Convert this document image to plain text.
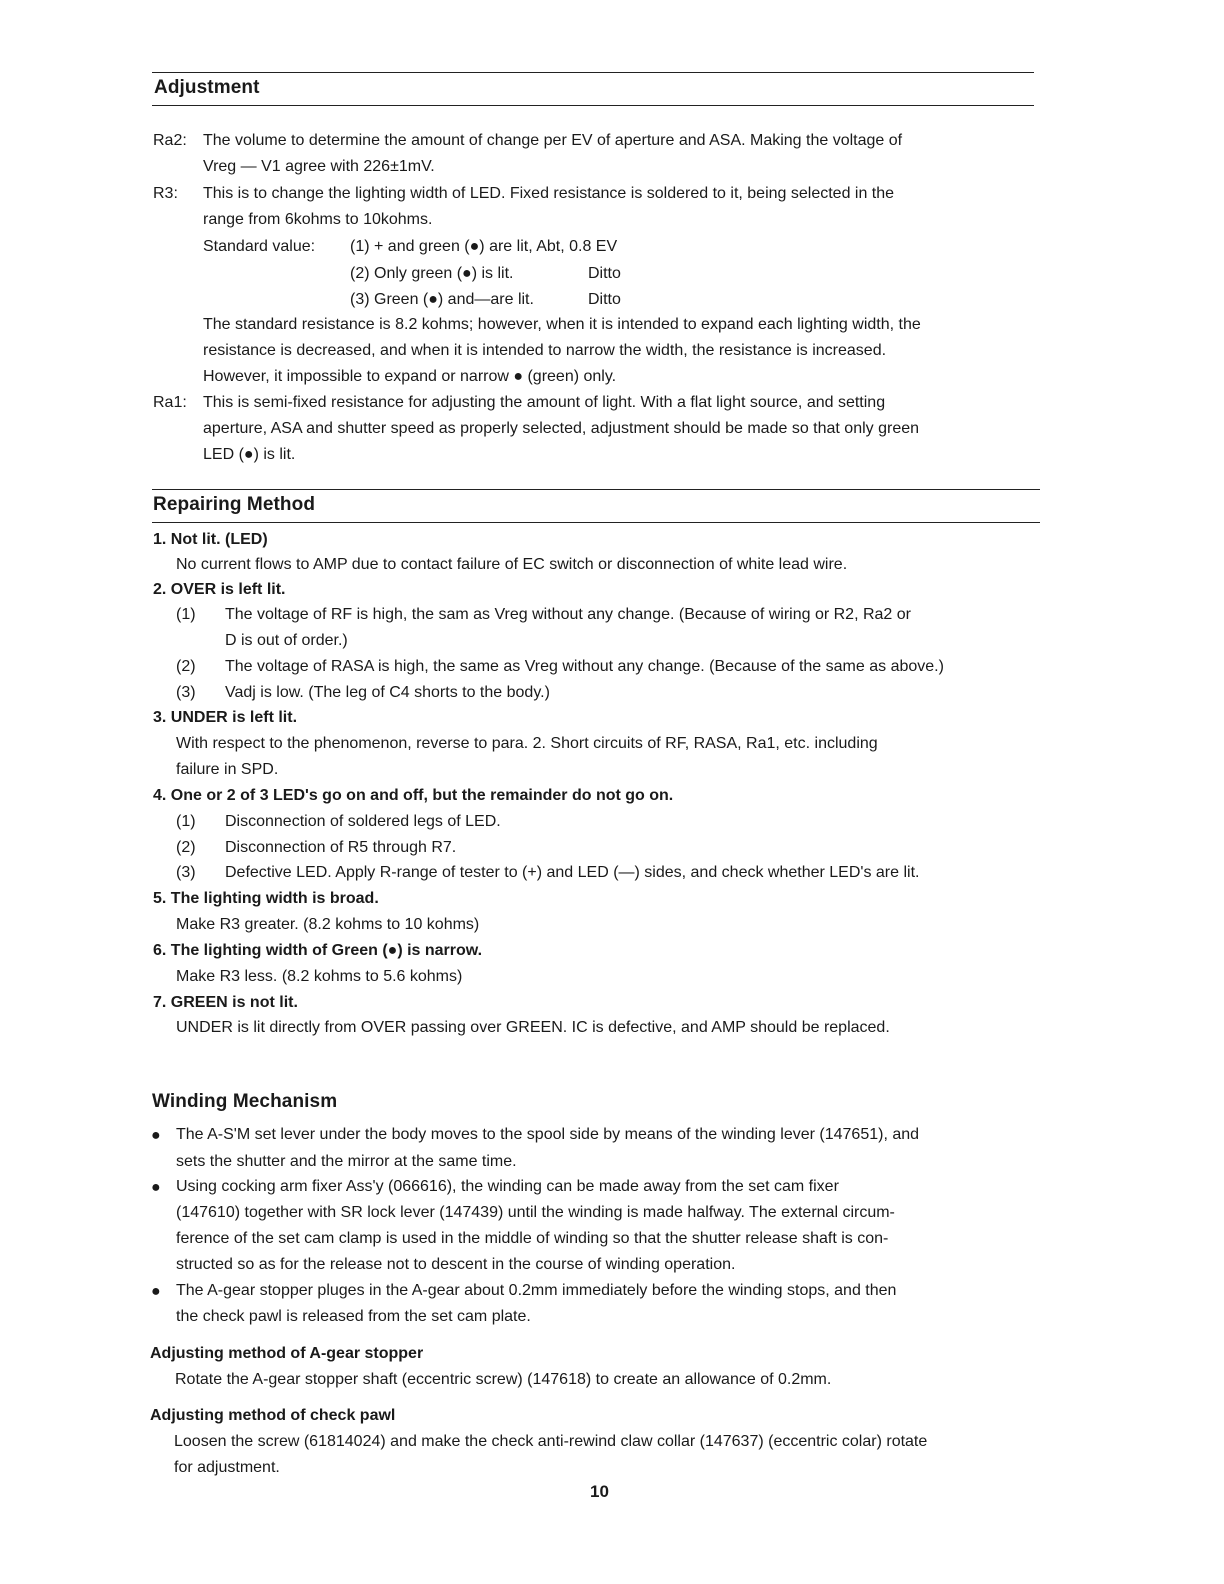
Adjustment
Ra2: The volume to determine the amount of change per EV of aperture and ASA. Making the voltage of
Vreg — V1 agree with 226±1mV.
R3: This is to change the lighting width of LED. Fixed resistance is soldered to it, being selected in the
range from 6kohms to 10kohms.
Standard value: (1) + and green (●) are lit, Abt, 0.8 EV
(2) Only green (●) is lit.	Ditto
(3) Green (●) and—are lit.	Ditto
The standard resistance is 8.2 kohms; however, when it is intended to expand each lighting width, the
resistance is decreased, and when it is intended to narrow the width, the resistance is increased.
However, it impossible to expand or narrow ● (green) only.
Ra1: This is semi-fixed resistance for adjusting the amount of light. With a flat light source, and setting
aperture, ASA and shutter speed as properly selected, adjustment should be made so that only green
LED (●) is lit.
Repairing Method
1. Not lit. (LED)
No current flows to AMP due to contact failure of EC switch or disconnection of white lead wire.
2. OVER is left lit.
(1) The voltage of RF is high, the sam as Vreg without any change. (Because of wiring or R2, Ra2 or
D is out of order.)
(2) The voltage of RASA is high, the same as Vreg without any change. (Because of the same as above.)
(3) Vadj is low. (The leg of C4 shorts to the body.)
3. UNDER is left lit.
With respect to the phenomenon, reverse to para. 2. Short circuits of RF, RASA, Ra1, etc. including
failure in SPD.
4. One or 2 of 3 LED's go on and off, but the remainder do not go on.
(1) Disconnection of soldered legs of LED.
(2) Disconnection of R5 through R7.
(3) Defective LED. Apply R-range of tester to (+) and LED (—) sides, and check whether LED's are lit.
5. The lighting width is broad.
Make R3 greater. (8.2 kohms to 10 kohms)
6. The lighting width of Green (●) is narrow.
Make R3 less. (8.2 kohms to 5.6 kohms)
7. GREEN is not lit.
UNDER is lit directly from OVER passing over GREEN. IC is defective, and AMP should be replaced.
Winding Mechanism
● The A-S'M set lever under the body moves to the spool side by means of the winding lever (147651), and
sets the shutter and the mirror at the same time.
● Using cocking arm fixer Ass'y (066616), the winding can be made away from the set cam fixer
(147610) together with SR lock lever (147439) until the winding is made halfway. The external circum-
ference of the set cam clamp is used in the middle of winding so that the shutter release shaft is con-
structed so as for the release not to descent in the course of winding operation.
● The A-gear stopper pluges in the A-gear about 0.2mm immediately before the winding stops, and then
the check pawl is released from the set cam plate.
Adjusting method of A-gear stopper
Rotate the A-gear stopper shaft (eccentric screw) (147618) to create an allowance of 0.2mm.
Adjusting method of check pawl
Loosen the screw (61814024) and make the check anti-rewind claw collar (147637) (eccentric colar) rotate
for adjustment.
10
